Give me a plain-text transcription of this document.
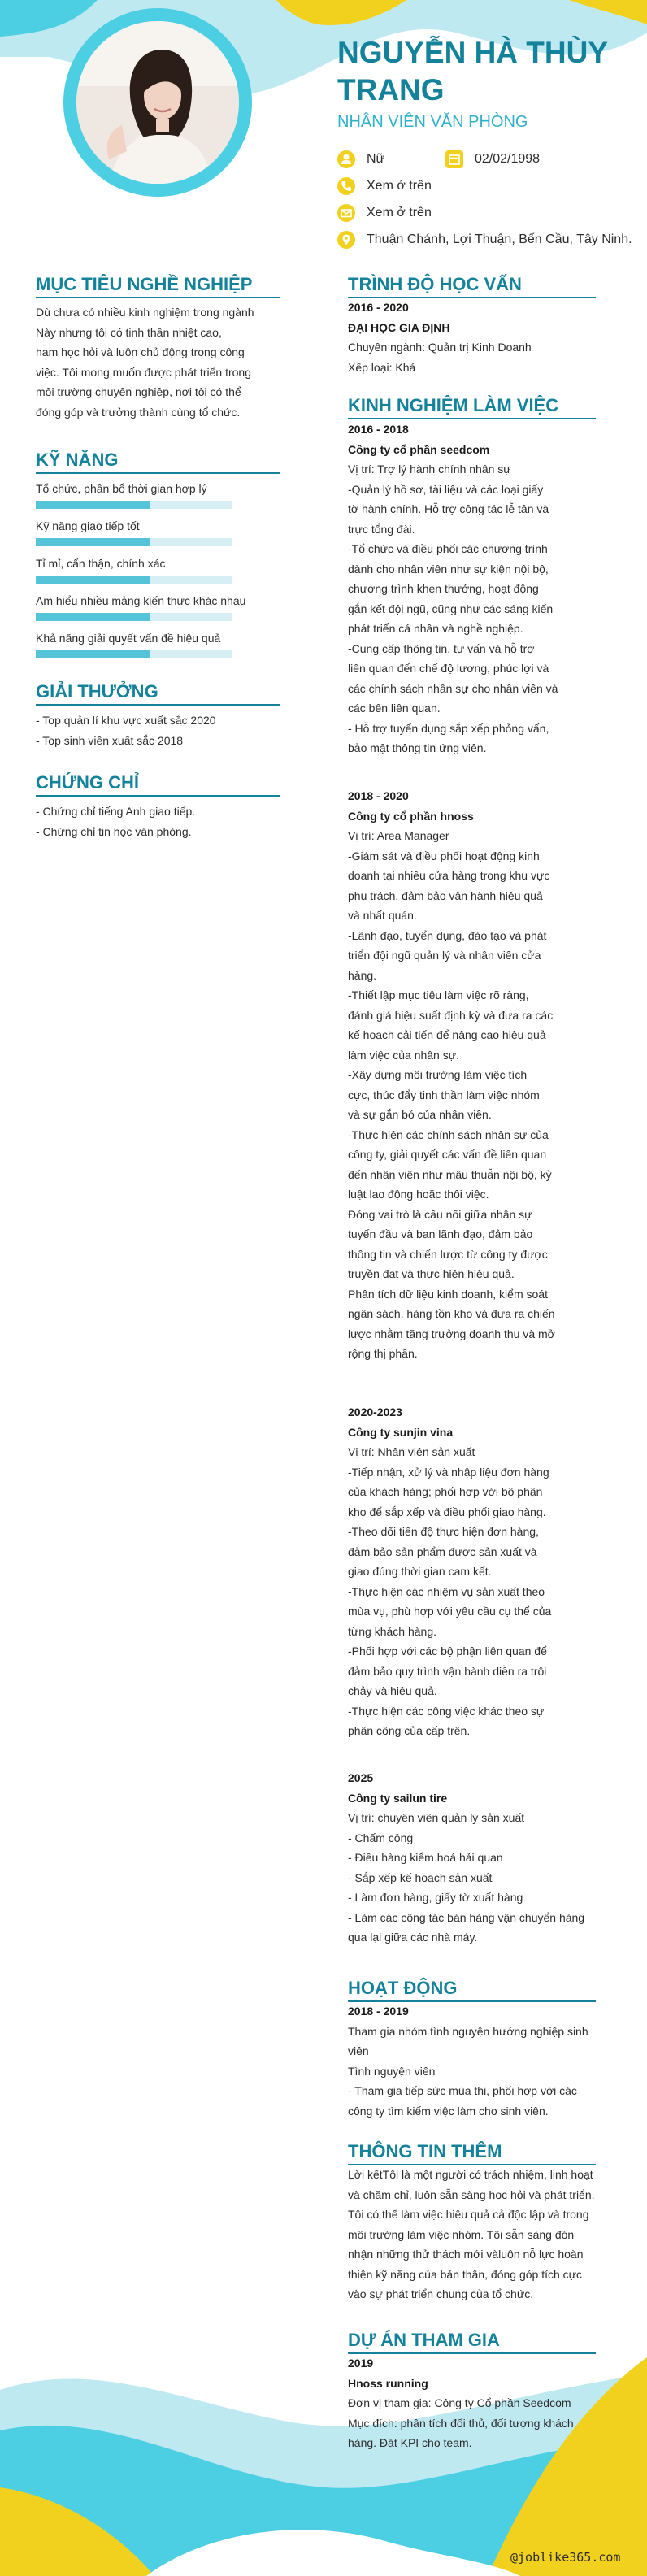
NGUYỄN HÀ THÙY TRANG
NHÂN VIÊN VĂN PHÒNG
Nữ	02/02/1998
Xem ở trên
Xem ở trên
Thuận Chánh, Lợi Thuận, Bến Cầu, Tây Ninh.
MỤC TIÊU NGHỀ NGHIỆP
Dù chưa có nhiều kinh nghiệm trong ngành
Này nhưng tôi có tinh thần nhiệt cao,
ham học hỏi và luôn chủ động trong công
việc. Tôi mong muốn được phát triển trong
môi trường chuyên nghiệp, nơi tôi có thể
đóng góp và trưởng thành cùng tổ chức.
KỸ NĂNG
Tổ chức, phân bổ thời gian hợp lý
Kỹ năng giao tiếp tốt
Tỉ mỉ, cẩn thận, chính xác
Am hiểu nhiều mảng kiến thức khác nhau
Khả năng giải quyết vấn đề hiệu quả
GIẢI THƯỞNG
- Top quản lí khu vực xuất sắc 2020
- Top sinh viên xuất sắc 2018
CHỨNG CHỈ
- Chứng chỉ tiếng Anh giao tiếp.
- Chứng chỉ tin học văn phòng.
TRÌNH ĐỘ HỌC VẤN
2016 - 2020
ĐẠI HỌC GIA ĐỊNH
Chuyên ngành: Quản trị Kinh Doanh
Xếp loại: Khá
KINH NGHIỆM LÀM VIỆC
2016 - 2018
Công ty cổ phần seedcom
Vị trí: Trợ lý hành chính nhân sự
-Quản lý hồ sơ, tài liệu và các loại giấy
tờ hành chính. Hỗ trợ công tác lễ tân và
trực tổng đài.
-Tổ chức và điều phối các chương trình
dành cho nhân viên như sự kiện nội bộ,
chương trình khen thưởng, hoạt động
gắn kết đội ngũ, cũng như các sáng kiến
phát triển cá nhân và nghề nghiệp.
-Cung cấp thông tin, tư vấn và hỗ trợ
liên quan đến chế độ lương, phúc lợi và
các chính sách nhân sự cho nhân viên và
các bên liên quan.
- Hỗ trợ tuyển dụng sắp xếp phỏng vấn,
bảo mật thông tin ứng viên.
2018 - 2020
Công ty cổ phần hnoss
Vị trí: Area Manager
-Giám sát và điều phối hoạt động kinh
doanh tại nhiều cửa hàng trong khu vực
phụ trách, đảm bảo vận hành hiệu quả
và nhất quán.
-Lãnh đạo, tuyển dụng, đào tạo và phát
triển đội ngũ quản lý và nhân viên cửa
hàng.
-Thiết lập mục tiêu làm việc rõ ràng,
đánh giá hiệu suất định kỳ và đưa ra các
kế hoạch cải tiến để nâng cao hiệu quả
làm việc của nhân sự.
-Xây dựng môi trường làm việc tích
cực, thúc đẩy tinh thần làm việc nhóm
và sự gắn bó của nhân viên.
-Thực hiện các chính sách nhân sự của
công ty, giải quyết các vấn đề liên quan
đến nhân viên như mâu thuẫn nội bộ, kỷ
luật lao động hoặc thôi việc.
Đóng vai trò là cầu nối giữa nhân sự
tuyến đầu và ban lãnh đạo, đảm bảo
thông tin và chiến lược từ công ty được
truyền đạt và thực hiện hiệu quả.
Phân tích dữ liệu kinh doanh, kiểm soát
ngân sách, hàng tồn kho và đưa ra chiến
lược nhằm tăng trưởng doanh thu và mở
rộng thị phần.
2020-2023
Công ty sunjin vina
Vị trí: Nhân viên sản xuất
-Tiếp nhận, xử lý và nhập liệu đơn hàng
của khách hàng; phối hợp với bộ phận
kho để sắp xếp và điều phối giao hàng.
-Theo dõi tiến độ thực hiện đơn hàng,
đảm bảo sản phẩm được sản xuất và
giao đúng thời gian cam kết.
-Thực hiện các nhiệm vụ sản xuất theo
mùa vụ, phù hợp với yêu cầu cụ thể của
từng khách hàng.
-Phối hợp với các bộ phận liên quan để
đảm bảo quy trình vận hành diễn ra trôi
chảy và hiệu quả.
-Thực hiện các công việc khác theo sự
phân công của cấp trên.
2025
Công ty sailun tire
Vị trí: chuyên viên quản lý sản xuất
- Chấm công
- Điều hàng kiểm hoá hải quan
- Sắp xếp kế hoạch sản xuất
- Làm đơn hàng, giấy tờ xuất hàng
- Làm các công tác bán hàng vận chuyển hàng
qua lại giữa các nhà máy.
HOẠT ĐỘNG
2018 - 2019
Tham gia nhóm tình nguyện hướng nghiệp sinh
viên
Tình nguyện viên
- Tham gia tiếp sức mùa thi, phối hợp với các
công ty tìm kiếm việc làm cho sinh viên.
THÔNG TIN THÊM
Lời kếtTôi là một người có trách nhiệm, linh hoạt
và chăm chỉ, luôn sẵn sàng học hỏi và phát triển.
Tôi có thể làm việc hiệu quả cả độc lập và trong
môi trường làm việc nhóm. Tôi sẵn sàng đón
nhận những thử thách mới vàluôn nỗ lực hoàn
thiện kỹ năng của bản thân, đóng góp tích cực
vào sự phát triển chung của tổ chức.
DỰ ÁN THAM GIA
2019
Hnoss running
Đơn vị tham gia: Công ty Cổ phần Seedcom
Mục đích: phân tích đối thủ, đối tượng khách
hàng. Đặt KPI cho team.
@joblike365.com
